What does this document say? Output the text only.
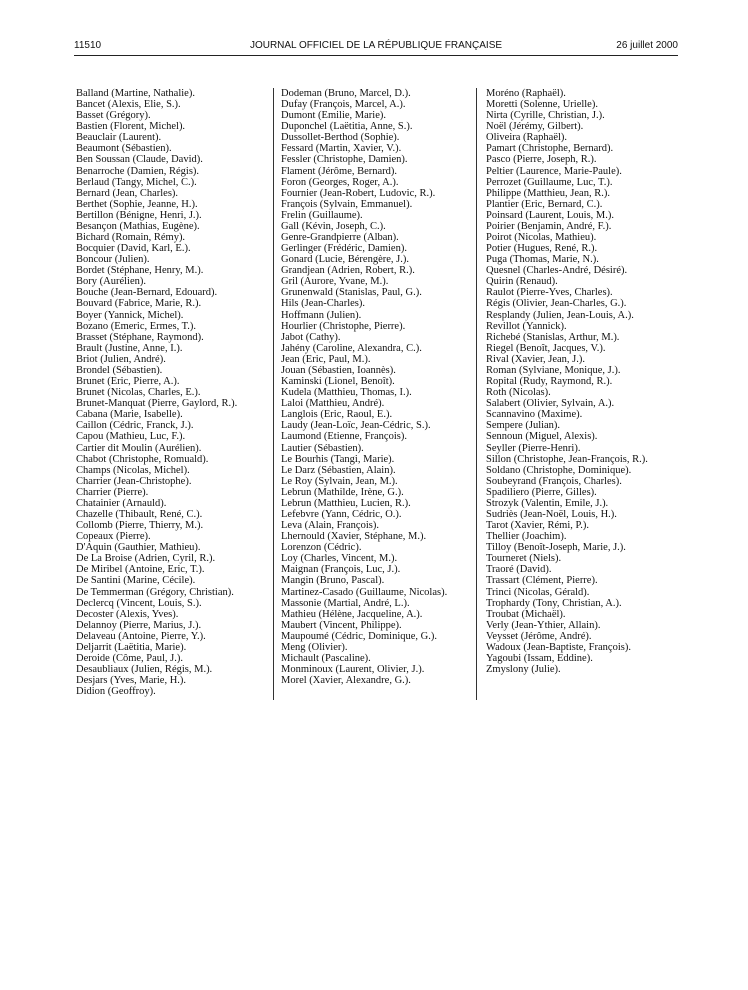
11510	JOURNAL OFFICIEL DE LA RÉPUBLIQUE FRANÇAISE	26 juillet 2000
Balland (Martine, Nathalie).
Bancet (Alexis, Elie, S.).
Basset (Grégory).
Bastien (Florent, Michel).
Beauclair (Laurent).
Beaumont (Sébastien).
Ben Soussan (Claude, David).
Benarroche (Damien, Régis).
Berlaud (Tangy, Michel, C.).
Bernard (Jean, Charles).
Berthet (Sophie, Jeanne, H.).
Bertillon (Bénigne, Henri, J.).
Besançon (Mathias, Eugène).
Bichard (Romain, Rémy).
Bocquier (David, Karl, E.).
Boncour (Julien).
Bordet (Stéphane, Henry, M.).
Bory (Aurélien).
Bouche (Jean-Bernard, Edouard).
Bouvard (Fabrice, Marie, R.).
Boyer (Yannick, Michel).
Bozano (Emeric, Ermes, T.).
Brasset (Stéphane, Raymond).
Brault (Justine, Anne, I.).
Briot (Julien, André).
Brondel (Sébastien).
Brunet (Eric, Pierre, A.).
Brunet (Nicolas, Charles, E.).
Brunet-Manquat (Pierre, Gaylord, R.).
Cabana (Marie, Isabelle).
Caillon (Cédric, Franck, J.).
Capou (Mathieu, Luc, F.).
Cartier dit Moulin (Aurélien).
Chabot (Christophe, Romuald).
Champs (Nicolas, Michel).
Charrier (Jean-Christophe).
Charrier (Pierre).
Chatainier (Arnauld).
Chazelle (Thibault, René, C.).
Collomb (Pierre, Thierry, M.).
Copeaux (Pierre).
D'Aquin (Gauthier, Mathieu).
De La Broise (Adrien, Cyril, R.).
De Miribel (Antoine, Eric, T.).
De Santini (Marine, Cécile).
De Temmerman (Grégory, Christian).
Declercq (Vincent, Louis, S.).
Decoster (Alexis, Yves).
Delannoy (Pierre, Marius, J.).
Delaveau (Antoine, Pierre, Y.).
Deljarrit (Laëtitia, Marie).
Deroide (Côme, Paul, J.).
Desaubliaux (Julien, Régis, M.).
Desjars (Yves, Marie, H.).
Didion (Geoffroy).
Dodeman (Bruno, Marcel, D.).
Dufay (François, Marcel, A.).
Dumont (Emilie, Marie).
Duponchel (Laëtitia, Anne, S.).
Dussollet-Berthod (Sophie).
Fessard (Martin, Xavier, V.).
Fessler (Christophe, Damien).
Flament (Jérôme, Bernard).
Foron (Georges, Roger, A.).
Fournier (Jean-Robert, Ludovic, R.).
François (Sylvain, Emmanuel).
Frelin (Guillaume).
Gall (Kévin, Joseph, C.).
Genre-Grandpierre (Alban).
Gerlinger (Frédéric, Damien).
Gonard (Lucie, Bérengère, J.).
Grandjean (Adrien, Robert, R.).
Gril (Aurore, Yvane, M.).
Grunenwald (Stanislas, Paul, G.).
Hils (Jean-Charles).
Hoffmann (Julien).
Hourlier (Christophe, Pierre).
Jabot (Cathy).
Jahény (Caroline, Alexandra, C.).
Jean (Eric, Paul, M.).
Jouan (Sébastien, Ioannès).
Kaminski (Lionel, Benoît).
Kudela (Matthieu, Thomas, I.).
Laloi (Matthieu, André).
Langlois (Eric, Raoul, E.).
Laudy (Jean-Loïc, Jean-Cédric, S.).
Laumond (Etienne, François).
Lautier (Sébastien).
Le Bourhis (Tangi, Marie).
Le Darz (Sébastien, Alain).
Le Roy (Sylvain, Jean, M.).
Lebrun (Mathilde, Irène, G.).
Lebrun (Matthieu, Lucien, R.).
Lefebvre (Yann, Cédric, O.).
Leva (Alain, François).
Lhernould (Xavier, Stéphane, M.).
Lorenzon (Cédric).
Loy (Charles, Vincent, M.).
Maignan (François, Luc, J.).
Mangin (Bruno, Pascal).
Martinez-Casado (Guillaume, Nicolas).
Massonie (Martial, André, L.).
Mathieu (Hélène, Jacqueline, A.).
Maubert (Vincent, Philippe).
Maupoumé (Cédric, Dominique, G.).
Meng (Olivier).
Michault (Pascaline).
Monminoux (Laurent, Olivier, J.).
Morel (Xavier, Alexandre, G.).
Moréno (Raphaël).
Moretti (Solenne, Urielle).
Nirta (Cyrille, Christian, J.).
Noël (Jérémy, Gilbert).
Oliveira (Raphaël).
Pamart (Christophe, Bernard).
Pasco (Pierre, Joseph, R.).
Peltier (Laurence, Marie-Paule).
Perrozet (Guillaume, Luc, T.).
Philippe (Matthieu, Jean, R.).
Plantier (Eric, Bernard, C.).
Poinsard (Laurent, Louis, M.).
Poirier (Benjamin, André, F.).
Poirot (Nicolas, Mathieu).
Potier (Hugues, René, R.).
Puga (Thomas, Marie, N.).
Quesnel (Charles-André, Désiré).
Quirin (Renaud).
Raulot (Pierre-Yves, Charles).
Régis (Olivier, Jean-Charles, G.).
Resplandy (Julien, Jean-Louis, A.).
Revillot (Yannick).
Richebé (Stanislas, Arthur, M.).
Riegel (Benoît, Jacques, V.).
Rival (Xavier, Jean, J.).
Roman (Sylviane, Monique, J.).
Ropital (Rudy, Raymond, R.).
Roth (Nicolas).
Salabert (Olivier, Sylvain, A.).
Scannavino (Maxime).
Sempere (Julian).
Sennoun (Miguel, Alexis).
Seyller (Pierre-Henri).
Sillon (Christophe, Jean-François, R.).
Soldano (Christophe, Dominique).
Soubeyrand (François, Charles).
Spadiliero (Pierre, Gilles).
Strozyk (Valentin, Emile, J.).
Sudriès (Jean-Noël, Louis, H.).
Tarot (Xavier, Rémi, P.).
Thellier (Joachim).
Tilloy (Benoît-Joseph, Marie, J.).
Tourneret (Niels).
Traoré (David).
Trassart (Clément, Pierre).
Trinci (Nicolas, Gérald).
Trophardy (Tony, Christian, A.).
Troubat (Michaël).
Verly (Jean-Ythier, Allain).
Veysset (Jérôme, André).
Wadoux (Jean-Baptiste, François).
Yagoubi (Issam, Eddine).
Zmyslony (Julie).
